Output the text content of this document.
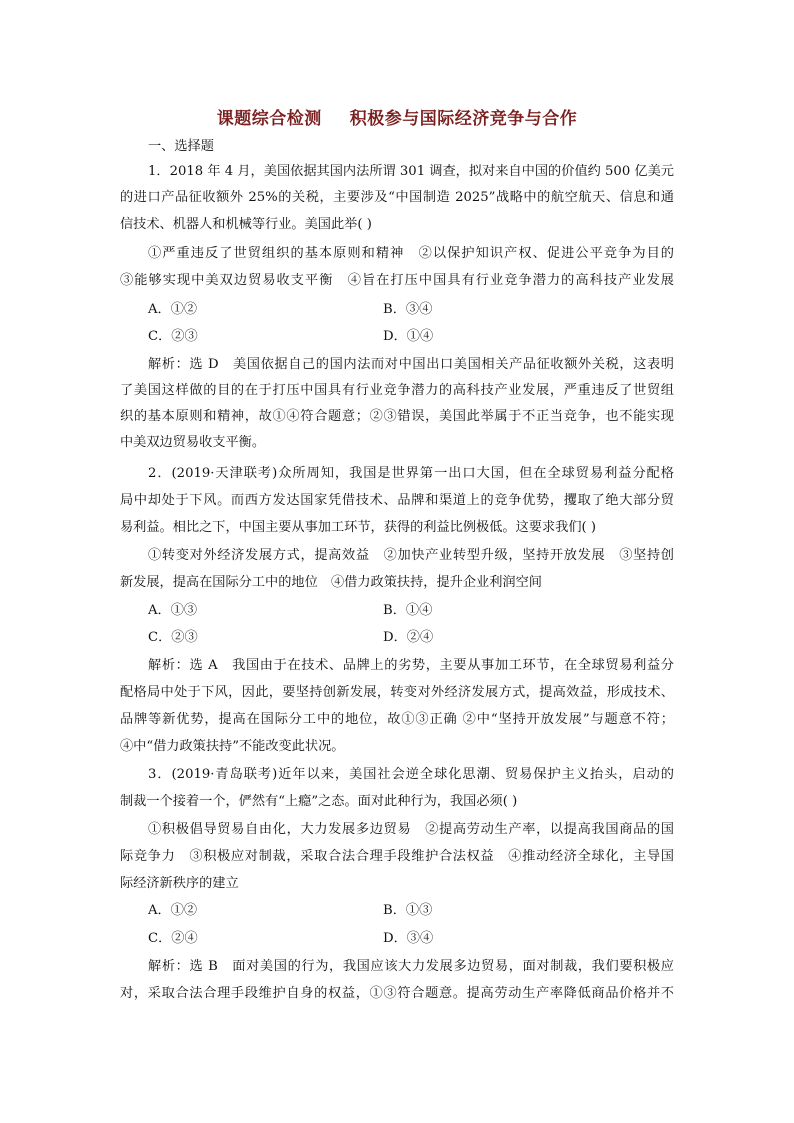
课题综合检测 积极参与国际经济竞争与合作
一、选择题
1．2018 年 4 月，美国依据其国内法所谓 301 调查，拟对来自中国的价值约 500 亿美元
的进口产品征收额外 25%的关税，主要涉及“中国制造 2025”战略中的航空航天、信息和通
信技术、机器人和机械等行业。美国此举( )
①严重违反了世贸组织的基本原则和精神　②以保护知识产权、促进公平竞争为目的
③能够实现中美双边贸易收支平衡　④旨在打压中国具有行业竞争潜力的高科技产业发展
A．①②	B．③④
C．②③	D．①④
解析：选 D　美国依据自己的国内法而对中国出口美国相关产品征收额外关税，这表明
了美国这样做的目的在于打压中国具有行业竞争潜力的高科技产业发展，严重违反了世贸组
织的基本原则和精神，故①④符合题意；②③错误，美国此举属于不正当竞争，也不能实现
中美双边贸易收支平衡。
2．(2019·天津联考)众所周知，我国是世界第一出口大国，但在全球贸易利益分配格
局中却处于下风。而西方发达国家凭借技术、品牌和渠道上的竞争优势，攫取了绝大部分贸
易利益。相比之下，中国主要从事加工环节，获得的利益比例极低。这要求我们( )
①转变对外经济发展方式，提高效益　②加快产业转型升级，坚持开放发展　③坚持创
新发展，提高在国际分工中的地位　④借力政策扶持，提升企业利润空间
A．①③	B．①④
C．②③	D．②④
解析：选 A　我国由于在技术、品牌上的劣势，主要从事加工环节，在全球贸易利益分
配格局中处于下风，因此，要坚持创新发展，转变对外经济发展方式，提高效益，形成技术、
品牌等新优势，提高在国际分工中的地位，故①③正确 ②中“坚持开放发展”与题意不符；
④中“借力政策扶持”不能改变此状况。
3．(2019·青岛联考)近年以来，美国社会逆全球化思潮、贸易保护主义抬头，启动的
制裁一个接着一个，俨然有“上瘾”之态。面对此种行为，我国必须( )
①积极倡导贸易自由化，大力发展多边贸易　②提高劳动生产率，以提高我国商品的国
际竞争力　③积极应对制裁，采取合法合理手段维护合法权益　④推动经济全球化，主导国
际经济新秩序的建立
A．①②	B．①③
C．②④	D．③④
解析：选 B　面对美国的行为，我国应该大力发展多边贸易，面对制裁，我们要积极应
对，采取合法合理手段维护自身的权益，①③符合题意。提高劳动生产率降低商品价格并不
